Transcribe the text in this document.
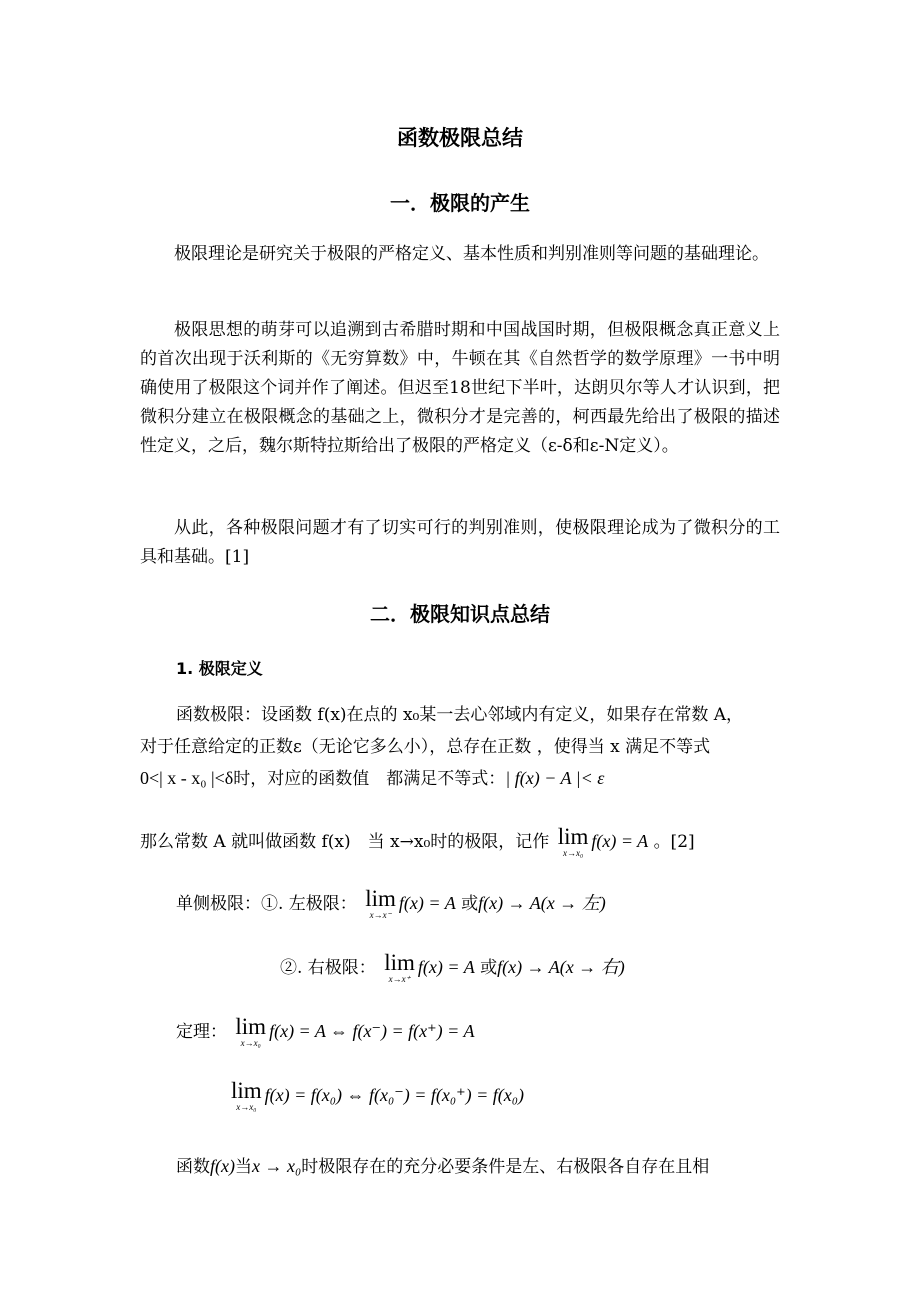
函数极限总结
一．极限的产生

极限理论是研究关于极限的严格定义、基本性质和判别准则等问题的基础理论。

极限思想的萌芽可以追溯到古希腊时期和中国战国时期，但极限概念真正意义上的首次出现于沃利斯的《无穷算数》中，牛顿在其《自然哲学的数学原理》一书中明确使用了极限这个词并作了阐述。但迟至18世纪下半叶，达朗贝尔等人才认识到，把微积分建立在极限概念的基础之上，微积分才是完善的，柯西最先给出了极限的描述性定义，之后，魏尔斯特拉斯给出了极限的严格定义（ε-δ和ε-N定义）。

从此，各种极限问题才有了切实可行的判别准则，使极限理论成为了微积分的工具和基础。[1]

二．极限知识点总结
1. 极限定义
函数极限：设函数 f(x)在点的 x₀某一去心邻域内有定义，如果存在常数 A，
对于任意给定的正数ε（无论它多么小），总存在正数 ，使得当 x 满足不等式
0<| x - x₀ |<δ时，对应的函数值　都满足不等式：| f(x) − A |< ε
那么常数 A 就叫做函数 f(x)　当 x→x₀时的极限，记作 lim
x→x₀
f(x) = A 。[2]
单侧极限：①. 左极限： lim
x→x⁻
f(x) = A 或f(x) → A(x → 左)
②. 右极限： lim
x→x⁺
f(x) = A 或f(x) → A(x → 右)
定理： lim
x→x₀
f(x) = A ⇔ f(x⁻) = f(x⁺) = A
lim
x→x₀
f(x) = f(x₀) ⇔ f(x₀⁻) = f(x₀⁺) = f(x₀)
函数f(x)当x → x₀时极限存在的充分必要条件是左、右极限各自存在且相
